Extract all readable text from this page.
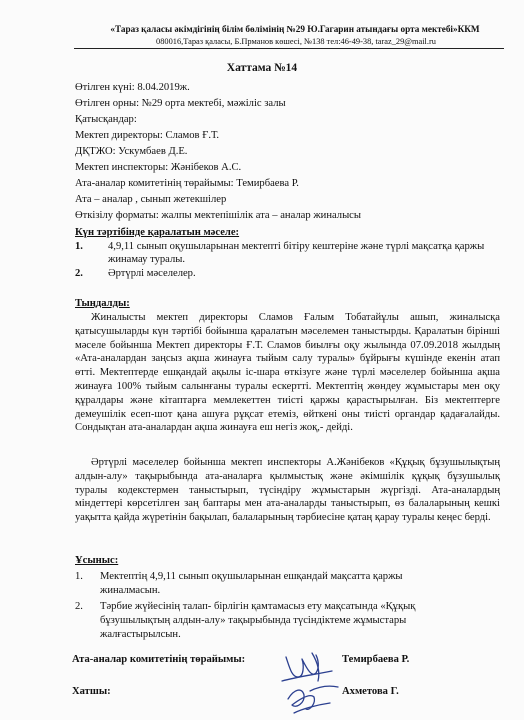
«Тараз қаласы әкімдігінің білім бөлімінің №29 Ю.Гагарин атындағы орта мектебі»ККМ
080016,Тараз қаласы, Б.Прманов көшесі, №138 тел:46-49-38, taraz_29@mail.ru
Хаттама №14
Өтілген күні: 8.04.2019ж.
Өтілген орны: №29 орта мектебі, мәжіліс залы
Қатысқандар:
Мектеп директоры: Сламов Ғ.Т.
ДҚТЖО: Ускумбаев Д.Е.
Мектеп инспекторы: Жәнібеков А.С.
Ата-аналар комитетінің төрайымы: Темирбаева Р.
Ата – аналар , сынып жетекшілер
Өткізілу форматы: жалпы мектепішілік ата – аналар жиналысы
Күн тәртібінде қаралатын мәселе:
1. 4,9,11 сынып оқушыларынан мектепті бітіру кештеріне және түрлі мақсатқа қаржы жинамау туралы.
2. Әртүрлі мәселелер.
Тыңдалды:

Жиналысты мектеп директоры Сламов Ғалым Тобатайұлы ашып, жиналысқа қатысушыларды күн тәртібі бойынша қаралатын мәселемен таныстырды. Қаралатын бірінші мәселе бойынша Мектеп директоры Ғ.Т. Сламов биылғы оқу жылында 07.09.2018 жылдың «Ата-аналардан заңсыз ақша жинауға тыйым салу туралы» бұйрығы күшінде екенін атап өтті. Мектептерде ешқандай ақылы іс-шара өткізуге және түрлі мәселелер бойынша ақша жинауға 100% тыйым салынғаны туралы ескертті. Мектептің жөндеу жұмыстары мен оқу құралдары және кітаптарға мемлекеттен тиісті қаржы қарастырылған. Біз мектептерге демеушілік есеп-шот қана ашуға рұқсат етеміз, өйткені оны тиісті органдар қадағалайды. Сондықтан ата-аналардан ақша жинауға еш негіз жоқ,- дейді.

Әртүрлі мәселелер бойынша мектеп инспекторы А.Жәнібеков «Құқық бұзушылықтың алдын-алу» тақырыбында ата-аналарға қылмыстық және әкімшілік құқық бұзушылық туралы кодекстермен таныстырып, түсіндіру жұмыстарын жүргізді. Ата-аналардың міндеттері көрсетілген заң баптары мен ата-аналарды таныстырып, өз балаларының кешкі уақытта қайда жүретінін бақылап, балаларының тәрбиесіне қатаң қарау туралы кеңес берді.

Ұсыныс:
1. Мектептің 4,9,11 сынып оқушыларынан ешқандай мақсатта қаржы
жиналмасын.
2. Тәрбие жүйесінің талап- бірлігін қамтамасыз ету мақсатында «Құқық
бұзушылықтың алдын-алу» тақырыбында түсіндіктеме жұмыстары
жалғастырылсын.
Ата-аналар комитетінің төрайымы:	Темирбаева Р.
Хатшы:	Ахметова Г.
